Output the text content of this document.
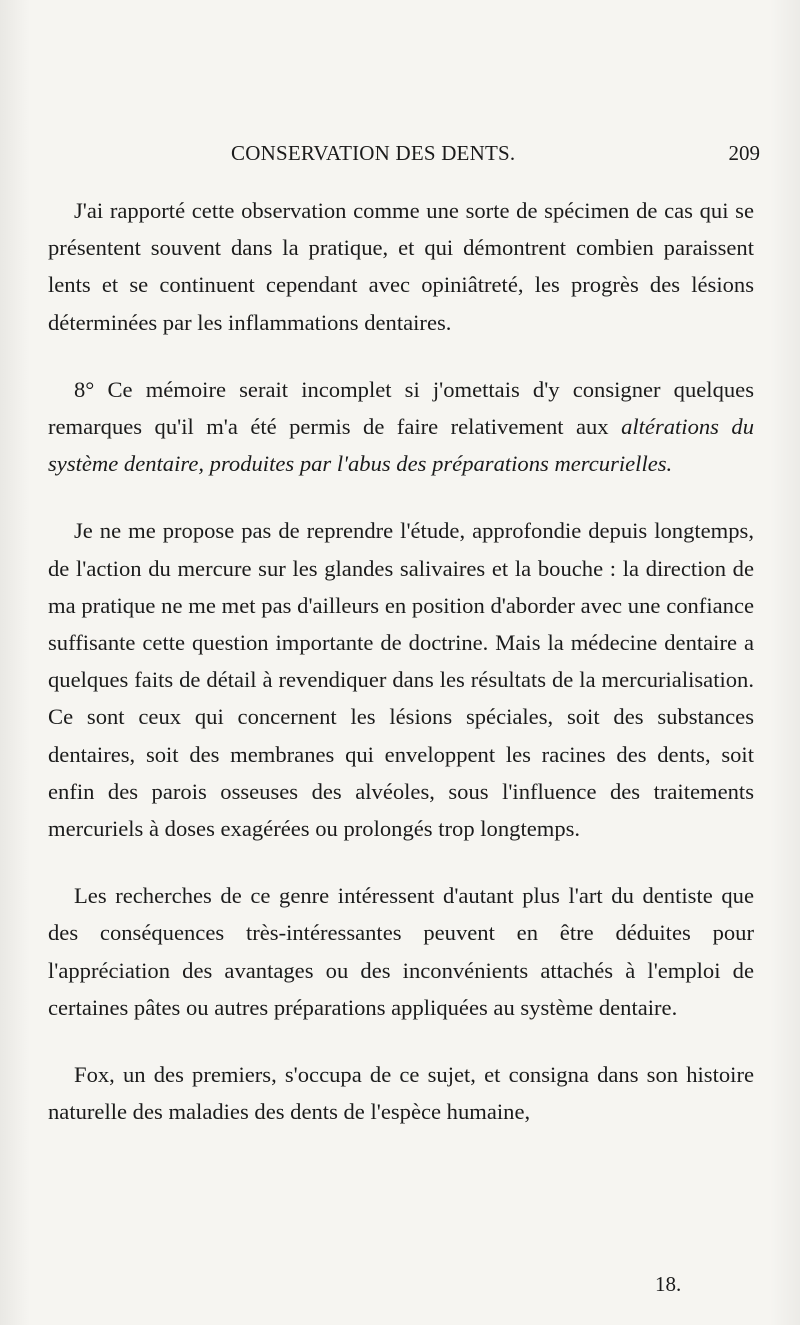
CONSERVATION DES DENTS.	209

J'ai rapporté cette observation comme une sorte de spécimen de cas qui se présentent souvent dans la pratique, et qui démontrent combien paraissent lents et se continuent cependant avec opiniâtreté, les progrès des lésions déterminées par les inflammations dentaires.

8° Ce mémoire serait incomplet si j'omettais d'y consigner quelques remarques qu'il m'a été permis de faire relativement aux altérations du système dentaire, produites par l'abus des préparations mercurielles.

Je ne me propose pas de reprendre l'étude, approfondie depuis longtemps, de l'action du mercure sur les glandes salivaires et la bouche : la direction de ma pratique ne me met pas d'ailleurs en position d'aborder avec une confiance suffisante cette question importante de doctrine. Mais la médecine dentaire a quelques faits de détail à revendiquer dans les résultats de la mercurialisation. Ce sont ceux qui concernent les lésions spéciales, soit des substances dentaires, soit des membranes qui enveloppent les racines des dents, soit enfin des parois osseuses des alvéoles, sous l'influence des traitements mercuriels à doses exagérées ou prolongés trop longtemps.

Les recherches de ce genre intéressent d'autant plus l'art du dentiste que des conséquences très-intéressantes peuvent en être déduites pour l'appréciation des avantages ou des inconvénients attachés à l'emploi de certaines pâtes ou autres préparations appliquées au système dentaire.

Fox, un des premiers, s'occupa de ce sujet, et consigna dans son histoire naturelle des maladies des dents de l'espèce humaine,

18.
